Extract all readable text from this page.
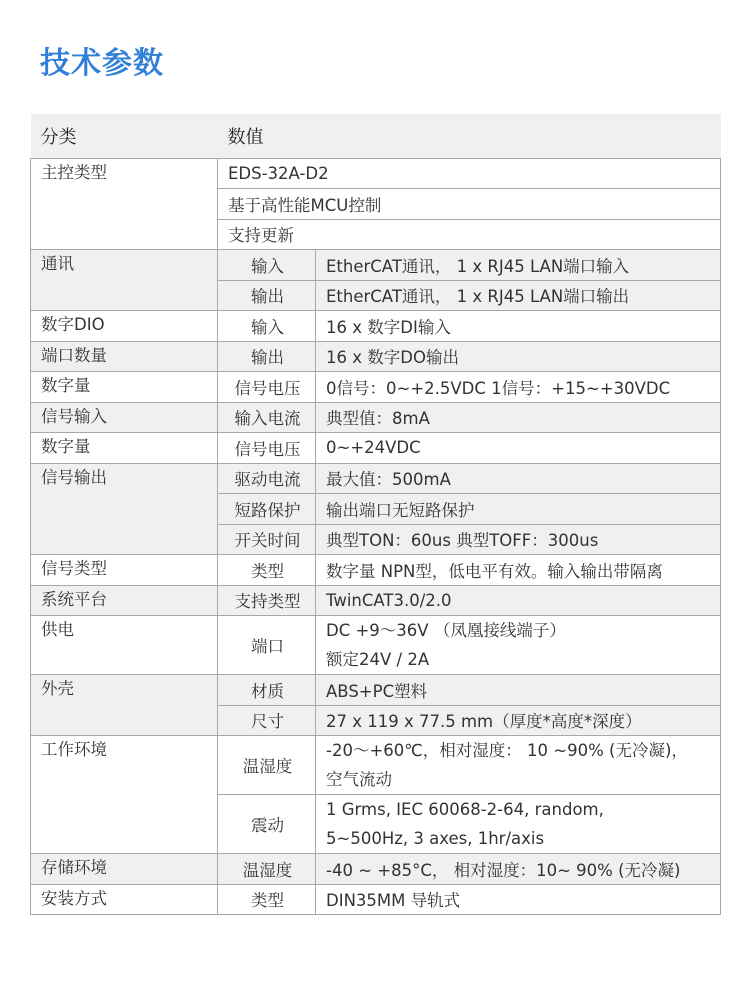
技术参数
分类	数值	
主控类型	EDS-32A-D2	
	基于高性能MCU控制	
	支持更新	
通讯	输入	EtherCAT通讯， 1 x RJ45 LAN端口输入
	输出	EtherCAT通讯， 1 x RJ45 LAN端口输出
数字DIO	输入	16 x 数字DI输入
端口数量	输出	16 x 数字DO输出
数字量	信号电压	0信号：0~+2.5VDC 1信号：+15~+30VDC
信号输入	输入电流	典型值：8mA
数字量	信号电压	0~+24VDC
信号输出	驱动电流	最大值：500mA
	短路保护	输出端口无短路保护
	开关时间	典型TON：60us 典型TOFF：300us
信号类型	类型	数字量 NPN型，低电平有效。输入输出带隔离
系统平台	支持类型	TwinCAT3.0/2.0
供电	端口	DC +9～36V （凤凰接线端子）
额定24V / 2A

外壳	材质	ABS+PC塑料
	尺寸	27 x 119 x 77.5 mm（厚度*高度*深度）
工作环境	温湿度	-20～+60℃，相对湿度： 10 ~90% (无冷凝)，
空气流动

	震动	1 Grms, IEC 60068-2-64, random,
5~500Hz, 3 axes, 1hr/axis

存储环境	温湿度	-40 ~ +85°C， 相对湿度：10~ 90% (无冷凝)
安装方式	类型	DIN35MM 导轨式
